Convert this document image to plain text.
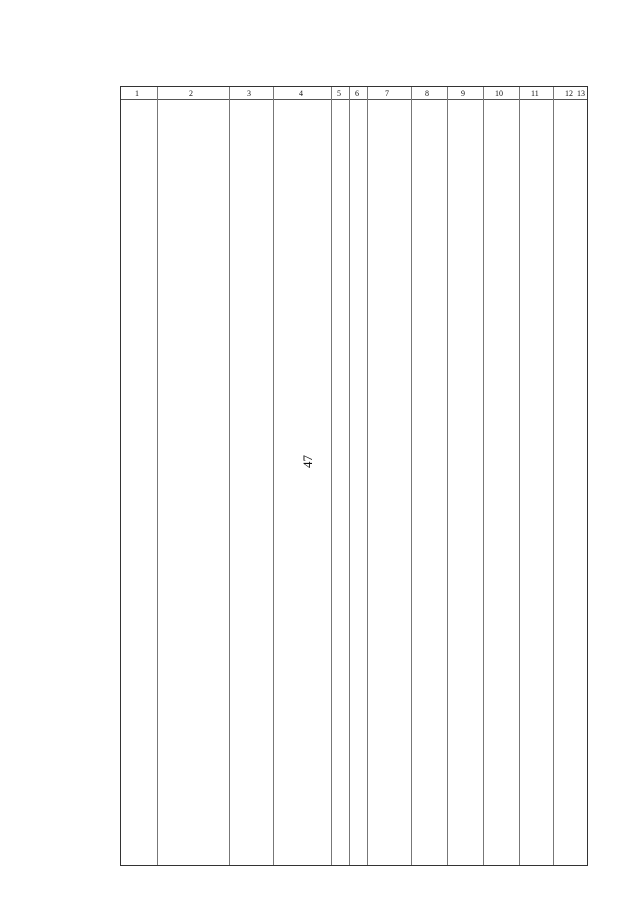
47
1	2	3	4	5 6	7	8	9	10	11	12 13
